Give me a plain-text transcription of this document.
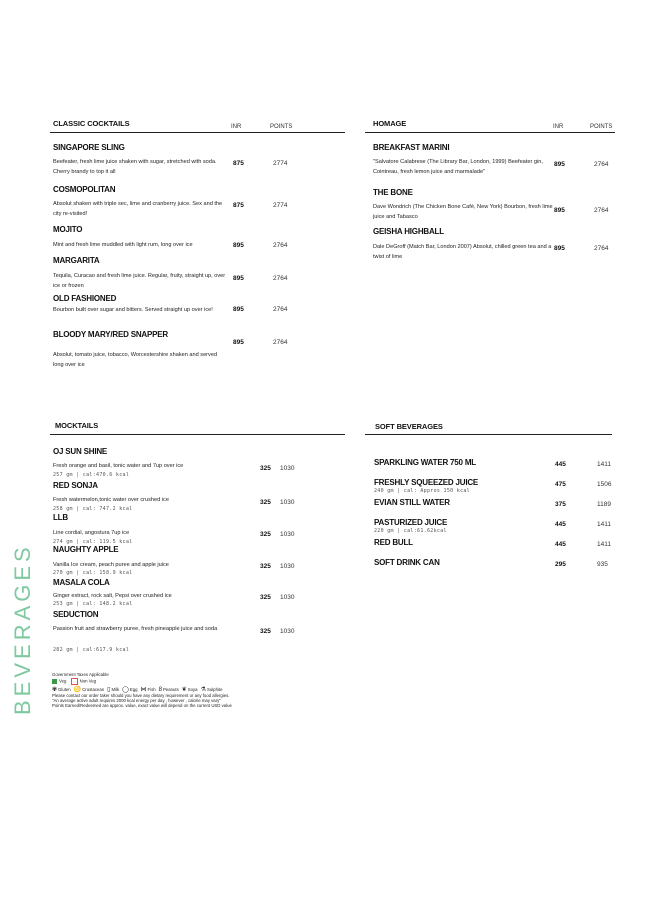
BEVERAGES
CLASSIC COCKTAILS	INR	POINTS	HOMAGE	INR	POINTS
MOCKTAILS	SOFT BEVERAGES
SINGAPORE SLING
Beefeater, fresh lime juice shaken with sugar, stretched with soda. Cherry brandy to top it all
875	2774
COSMOPOLITAN
Absolut shaken with triple sec, lime and cranberry juice. Sex and the city re-visited!
875	2774
MOJITO
Mint and fresh lime muddled with light rum, long over ice	895	2764
MARGARITA
Tequila, Curacao and fresh lime juice. Regular, fruity, straight up, over ice or frozen
895	2764
OLD FASHIONED
Bourbon built over sugar and bitters. Served straight up over ice!	895	2764
BLOODY MARY/RED SNAPPER
Absolut, tomato juice, tobacco, Worcestershire shaken and served long over ice
895	2764
BREAKFAST MARINI
"Salvatore Calabrese (The Library Bar, London, 1999) Beefeater gin, Cointreau, fresh lemon juice and marmalade"
895	2764
THE BONE
Dave Wondrich (The Chicken Bone Café, New York) Bourbon, fresh lime juice and Tabasco
895	2764
GEISHA HIGHBALL
Dale DeGroff (Match Bar, London 2007) Absolut, chilled green tea and a twist of lime
895	2764
OJ SUN SHINE
Fresh orange and basil, tonic water and 7up over ice
257 gm | cal:470.6 kcal
325 1030
RED SONJA
Fresh watermelon,tonic water over crushed ice
258 gm | cal: 747.2 kcal
325 1030
LLB
Line cordial, angostura 7up ice
274 gm | cal: 119.5 kcal
325 1030
NAUGHTY APPLE
Vanilla Ice cream, peach puree and apple juice
270 gm | cal: 158.9 kcal
325 1030
MASALA COLA
Ginger extract, rock salt, Pepsi over crushed ice
253 gm | cal: 148.2 kcal
325 1030
SEDUCTION
Passion fruit and strawberry puree, fresh pineapple juice and soda
282 gm | cal:617.9 kcal
325 1030
SPARKLING WATER 750 ML	445	1411
FRESHLY SQUEEZED JUICE
240 gm | cal: Appros 150 kcal
475	1506
EVIAN STILL WATER	375	1189
PASTURIZED JUICE
220 gm | cal:61.62kcal
445	1411
RED BULL	445	1411
SOFT DRINK CAN	295	935
Government Taxes Applicable
Veg	Non Veg
✾Gluten ♋Crustacean ▯Milk ◯Egg ⋈Fish 8Peanuts ❦Soya ⚗Sulphite
Please contact our order taker should you have any dietary requirement or any food allergies.
"An average active adult requires 2000 kcal energy per day , however , calorie may vary"
Points Earned/Redeemed are approx. value, exact value will depend on the current USD value
